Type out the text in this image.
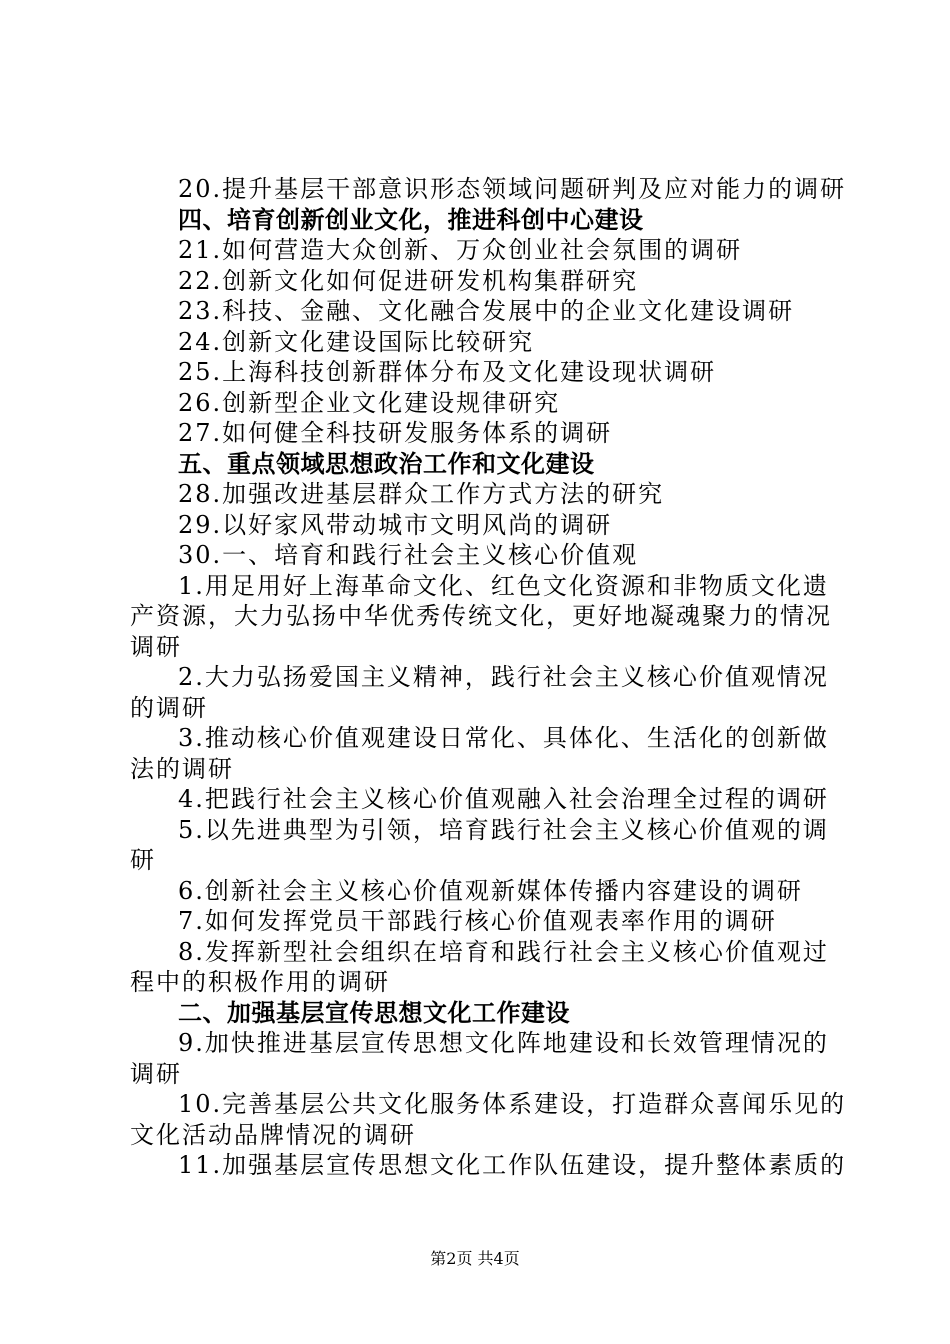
20.提升基层干部意识形态领域问题研判及应对能力的调研
四、培育创新创业文化，推进科创中心建设
21.如何营造大众创新、万众创业社会氛围的调研
22.创新文化如何促进研发机构集群研究
23.科技、金融、文化融合发展中的企业文化建设调研
24.创新文化建设国际比较研究
25.上海科技创新群体分布及文化建设现状调研
26.创新型企业文化建设规律研究
27.如何健全科技研发服务体系的调研
五、重点领域思想政治工作和文化建设
28.加强改进基层群众工作方式方法的研究
29.以好家风带动城市文明风尚的调研
30.一、培育和践行社会主义核心价值观
1.用足用好上海革命文化、红色文化资源和非物质文化遗
产资源，大力弘扬中华优秀传统文化，更好地凝魂聚力的情况
调研
2.大力弘扬爱国主义精神，践行社会主义核心价值观情况
的调研
3.推动核心价值观建设日常化、具体化、生活化的创新做
法的调研
4.把践行社会主义核心价值观融入社会治理全过程的调研
5.以先进典型为引领，培育践行社会主义核心价值观的调
研
6.创新社会主义核心价值观新媒体传播内容建设的调研
7.如何发挥党员干部践行核心价值观表率作用的调研
8.发挥新型社会组织在培育和践行社会主义核心价值观过
程中的积极作用的调研
二、加强基层宣传思想文化工作建设
9.加快推进基层宣传思想文化阵地建设和长效管理情况的
调研
10.完善基层公共文化服务体系建设，打造群众喜闻乐见的
文化活动品牌情况的调研
11.加强基层宣传思想文化工作队伍建设，提升整体素质的
第2页 共4页
